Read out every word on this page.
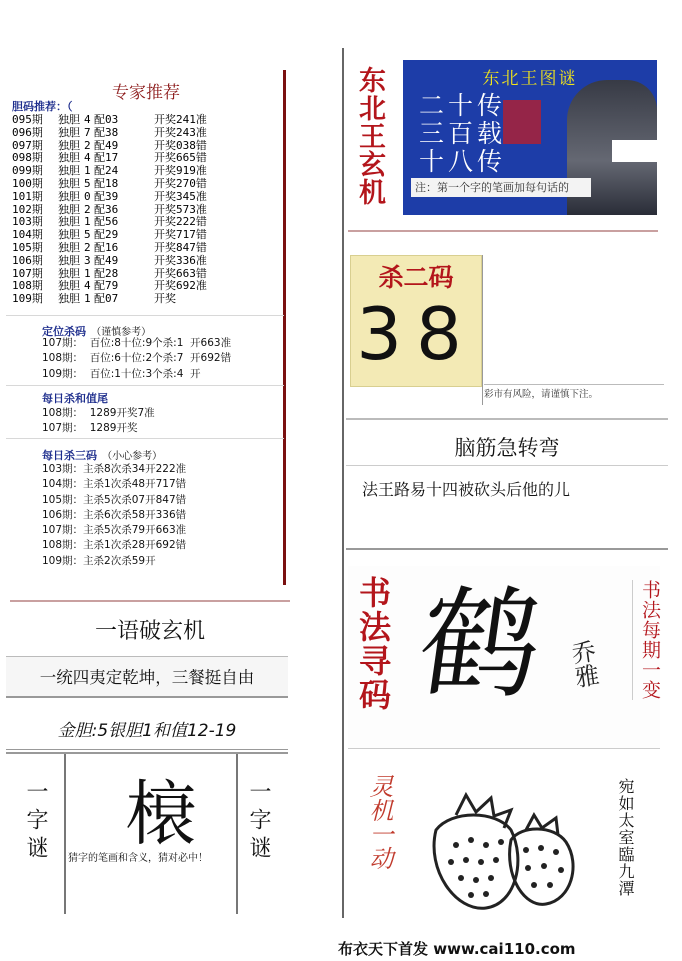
专家推荐
胆码推荐：（
095期 独胆 4 配03	开奖241准
096期 独胆 7 配38	开奖243准
097期 独胆 2 配49	开奖038错
098期 独胆 4 配17	开奖665错
099期 独胆 1 配24	开奖919准
100期 独胆 5 配18	开奖270错
101期 独胆 0 配39	开奖345准
102期 独胆 2 配36	开奖573准
103期 独胆 1 配56	开奖222错
104期 独胆 5 配29	开奖717错
105期 独胆 2 配16	开奖847错
106期 独胆 3 配49	开奖336准
107期 独胆 1 配28	开奖663错
108期 独胆 4 配79	开奖692准
109期 独胆 1 配07	开奖
定位杀码 （谨慎参考）
107期：  百位:8十位:9个杀:1  开663准
108期：  百位:6十位:2个杀:7  开692错
109期：  百位:1十位:3个杀:4  开
每日杀和值尾
108期：  1289开奖7准
107期：  1289开奖
每日杀三码 （小心参考）
103期：主杀8次杀34开222准
104期：主杀1次杀48开717错
105期：主杀5次杀07开847错
106期：主杀6次杀58开336错
107期：主杀5次杀79开663准
108期：主杀1次杀28开692错
109期：主杀2次杀59开
一语破玄机
一统四夷定乾坤，三餐挺自由
金胆:5银胆1和值12-19
一字谜	榱
猜字的笔画和含义，猜对必中！	一字谜
东北王玄机	东北王图谜
二十传
三百载
十八传
注：第一个字的笔画加每句话的
杀二码
38
彩市有风险，请谨慎下注。
脑筋急转弯
法王路易十四被砍头后他的儿
书法寻码 鹤 乔雅	书法每期一变
灵机一动	宛如太室臨九潭
布衣天下首发 www.cai110.com
